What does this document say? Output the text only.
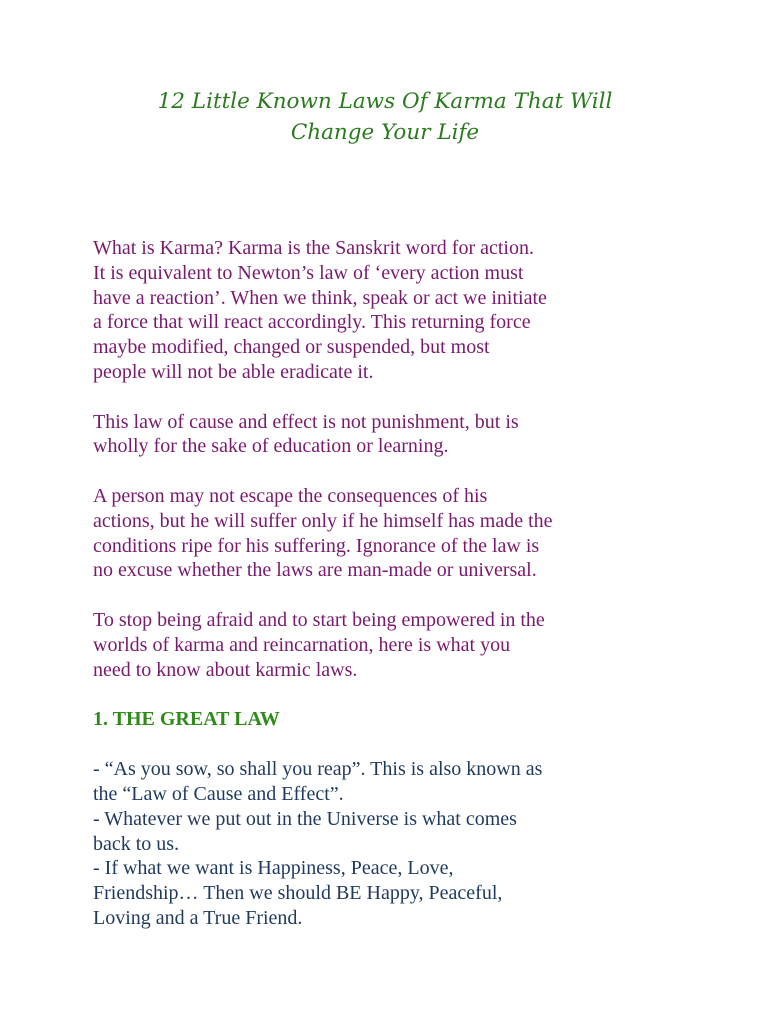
12 Little Known Laws Of Karma That Will
Change Your Life

What is Karma? Karma is the Sanskrit word for action.
It is equivalent to Newton’s law of ‘every action must
have a reaction’. When we think, speak or act we initiate
a force that will react accordingly. This returning force
maybe modified, changed or suspended, but most
people will not be able eradicate it.

This law of cause and effect is not punishment, but is
wholly for the sake of education or learning.

A person may not escape the consequences of his
actions, but he will suffer only if he himself has made the
conditions ripe for his suffering. Ignorance of the law is
no excuse whether the laws are man-made or universal.

To stop being afraid and to start being empowered in the
worlds of karma and reincarnation, here is what you
need to know about karmic laws.

1. THE GREAT LAW

- “As you sow, so shall you reap”. This is also known as
the “Law of Cause and Effect”.
- Whatever we put out in the Universe is what comes
back to us.
- If what we want is Happiness, Peace, Love,
Friendship… Then we should BE Happy, Peaceful,
Loving and a True Friend.
